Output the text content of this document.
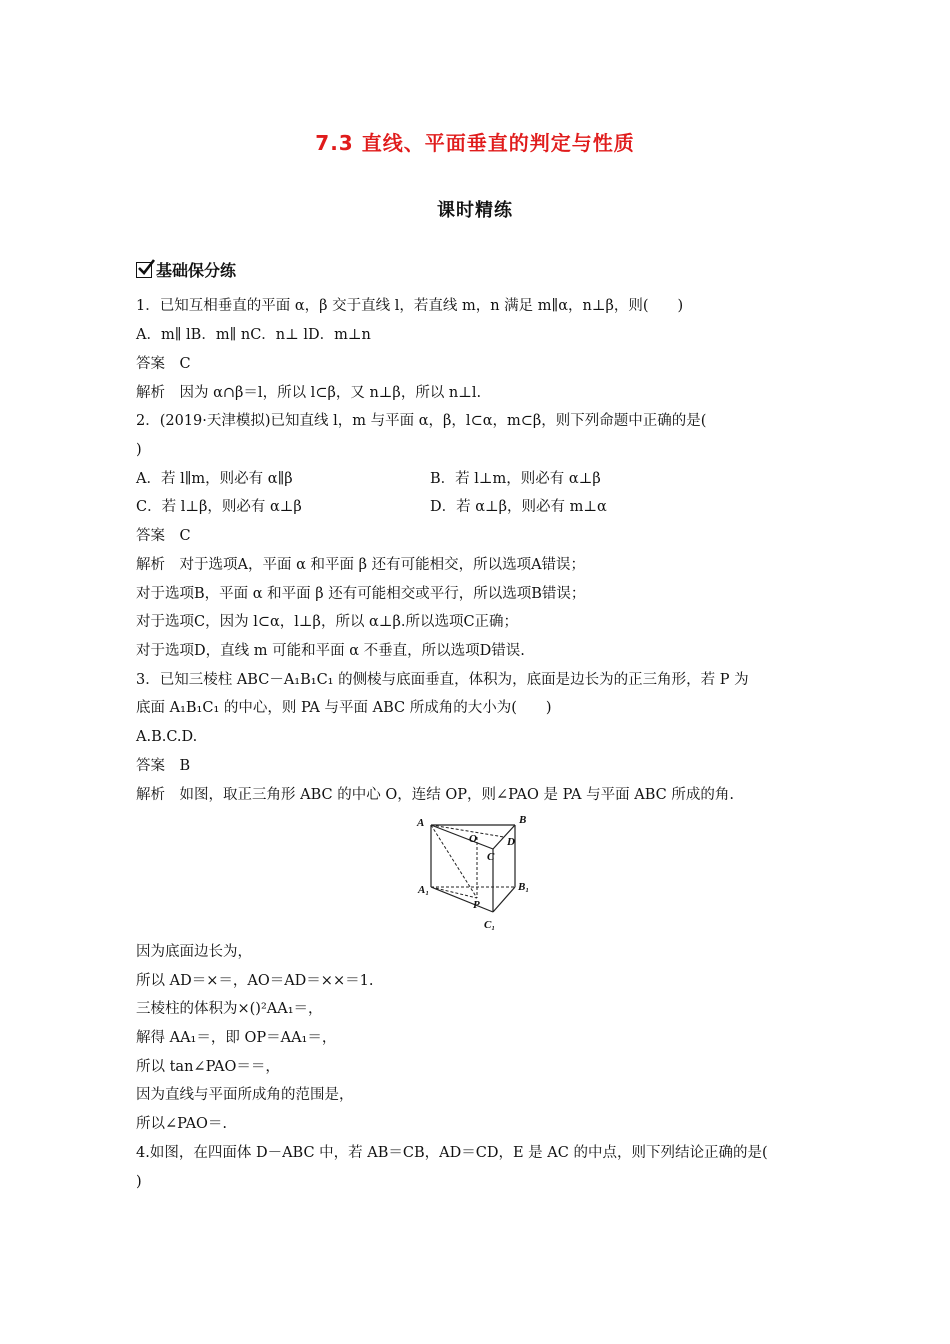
7.3 直线、平面垂直的判定与性质
课时精练
基础保分练
1．已知互相垂直的平面 α，β 交于直线 l，若直线 m，n 满足 m∥α，n⊥β，则(　　)
A．m∥ lB．m∥ nC．n⊥ lD．m⊥n
答案　C
解析　因为 α∩β＝l，所以 l⊂β，又 n⊥β，所以 n⊥l.
2．(2019·天津模拟)已知直线 l，m 与平面 α，β，l⊂α，m⊂β，则下列命题中正确的是(
)
A．若 l∥m，则必有 α∥β	B．若 l⊥m，则必有 α⊥β
C．若 l⊥β，则必有 α⊥β	D．若 α⊥β，则必有 m⊥α
答案　C
解析　对于选项A，平面 α 和平面 β 还有可能相交，所以选项A错误；
对于选项B，平面 α 和平面 β 还有可能相交或平行，所以选项B错误；
对于选项C，因为 l⊂α，l⊥β，所以 α⊥β.所以选项C正确；
对于选项D，直线 m 可能和平面 α 不垂直，所以选项D错误.
3．已知三棱柱 ABC－A₁B₁C₁ 的侧棱与底面垂直，体积为，底面是边长为的正三角形，若 P 为
底面 A₁B₁C₁ 的中心，则 PA 与平面 ABC 所成角的大小为(　　)
A.B.C.D.
答案　B
解析　如图，取正三角形 ABC 的中心 O，连结 OP，则∠PAO 是 PA 与平面 ABC 所成的角.
A	B
O	D
C
A₁	B₁
P
C₁
因为底面边长为，
所以 AD＝×＝，AO＝AD＝××＝1.
三棱柱的体积为×()²AA₁＝，
解得 AA₁＝，即 OP＝AA₁＝，
所以 tan∠PAO＝＝，
因为直线与平面所成角的范围是，
所以∠PAO＝.
4.如图，在四面体 D－ABC 中，若 AB＝CB，AD＝CD，E 是 AC 的中点，则下列结论正确的是(
)
